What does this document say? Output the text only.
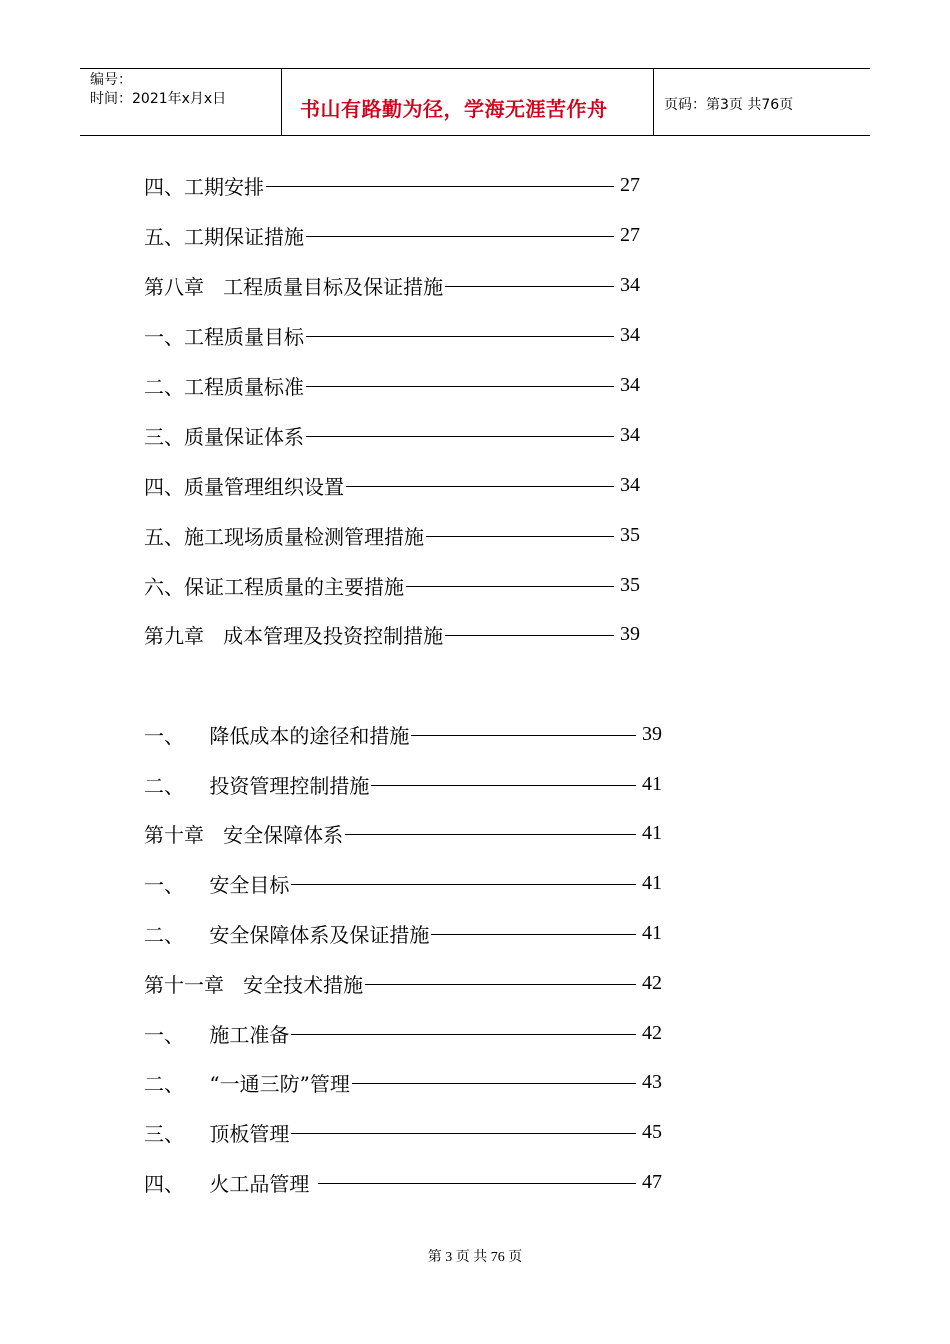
编号：
时间：2021年x月x日	书山有路勤为径，学海无涯苦作舟	页码：第3页 共76页
四、工期安排	27
五、工期保证措施	27
第八章   工程质量目标及保证措施	34
一、工程质量目标	34
二、工程质量标准	34
三、质量保证体系	34
四、质量管理组织设置	34
五、施工现场质量检测管理措施	35
六、保证工程质量的主要措施	35
第九章   成本管理及投资控制措施	39
一、    降低成本的途径和措施	39
二、    投资管理控制措施	41
第十章   安全保障体系	41
一、    安全目标	41
二、    安全保障体系及保证措施	41
第十一章   安全技术措施	42
一、    施工准备	42
二、    “一通三防”管理	43
三、    顶板管理	45
四、    火工品管理	47
第 3 页 共 76 页
